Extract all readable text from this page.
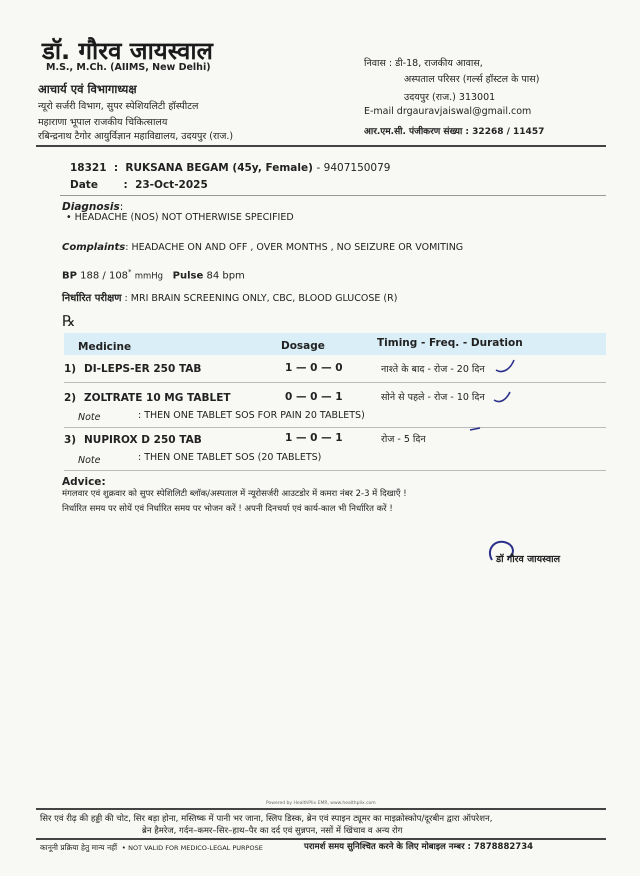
डॉ. गौरव जायस्वाल
M.S., M.Ch. (AIIMS, New Delhi)
आचार्य एवं विभागाध्यक्ष
न्यूरो सर्जरी विभाग, सुपर स्पेशियलिटी हॉस्पीटल
महाराणा भूपाल राजकीय चिकित्सालय
रबिन्द्रनाथ टैगोर आयुर्विज्ञान महाविद्यालय, उदयपुर (राज.)
निवास : डी-18, राजकीय आवास,
अस्पताल परिसर (गर्ल्स हॉस्टल के पास)
उदयपुर (राज.) 313001
E-mail drgauravjaiswal@gmail.com
आर.एम.सी. पंजीकरण संख्या : 32268 / 11457
18321 : RUKSANA BEGAM (45y, Female) - 9407150079
Date : 23-Oct-2025
Diagnosis:
• HEADACHE (NOS) NOT OTHERWISE SPECIFIED
Complaints: HEADACHE ON AND OFF , OVER MONTHS , NO SEIZURE OR VOMITING
BP 188 / 108* mmHg Pulse 84 bpm
निर्धारित परीक्षण : MRI BRAIN SCREENING ONLY, CBC, BLOOD GLUCOSE (R)
℞
Medicine	Dosage	Timing - Freq. - Duration
1) DI-LEPS-ER 250 TAB	1 — 0 — 0	नाश्ते के बाद - रोज - 20 दिन
2) ZOLTRATE 10 MG TABLET	0 — 0 — 1	सोने से पहले - रोज - 10 दिन
Note	: THEN ONE TABLET SOS FOR PAIN 20 TABLETS)
3) NUPIROX D 250 TAB	1 — 0 — 1	रोज - 5 दिन
Note	: THEN ONE TABLET SOS (20 TABLETS)
Advice:
मंगलवार एवं शुक्रवार को सुपर स्पेशिलिटी ब्लॉक/अस्पताल में न्यूरोसर्जरी आउटडोर में कमरा नंबर 2-3 में दिखाएँ !
निर्धारित समय पर सोयें एवं निर्धारित समय पर भोजन करें ! अपनी दिनचर्या एवं कार्य-काल भी निर्धारित करें !
डॉ गौरव जायस्वाल
Powered by HealthPlix EMR, www.healthplix.com
सिर एवं रीढ़ की हड्डी की चोट, सिर बड़ा होना, मस्तिष्क में पानी भर जाना, स्लिप डिस्क, ब्रेन एवं स्पाइन ट्यूमर का माइक्रोस्कोप/दूरबीन द्वारा ऑपरेशन,
ब्रेन हैमरेज, गर्दन–कमर–सिर–हाथ–पैर का दर्द एवं सुन्नपन, नसों में खिंचाव व अन्य रोग
कानूनी प्रक्रिया हेतु मान्य नहीं  • NOT VALID FOR MEDICO-LEGAL PURPOSE	परामर्श समय सुनिश्चित करने के लिए मोबाइल नम्बर : 7878882734
